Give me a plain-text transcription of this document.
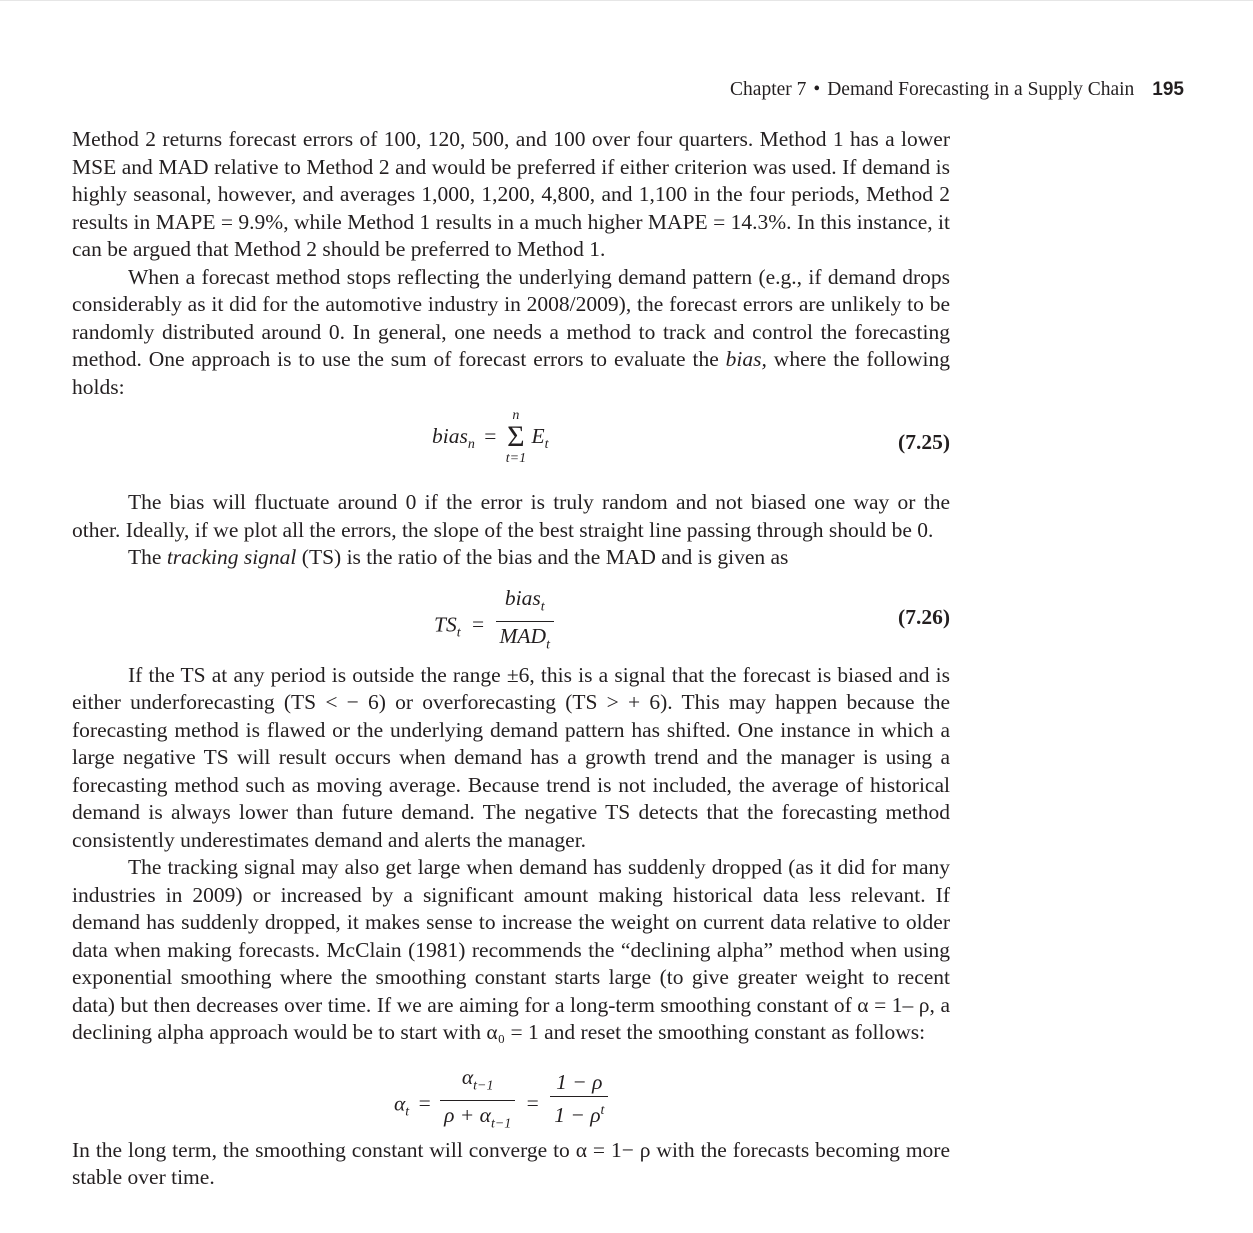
Chapter 7 • Demand Forecasting in a Supply Chain 195

Method 2 returns forecast errors of 100, 120, 500, and 100 over four quarters. Method 1 has a lower MSE and MAD relative to Method 2 and would be preferred if either criterion was used. If demand is highly seasonal, however, and averages 1,000, 1,200, 4,800, and 1,100 in the four periods, Method 2 results in MAPE = 9.9%, while Method 1 results in a much higher MAPE = 14.3%. In this instance, it can be argued that Method 2 should be preferred to Method 1.

When a forecast method stops reflecting the underlying demand pattern (e.g., if demand drops considerably as it did for the automotive industry in 2008/2009), the forecast errors are unlikely to be randomly distributed around 0. In general, one needs a method to track and control the forecasting method. One approach is to use the sum of forecast errors to evaluate the bias, where the following holds:

bias$_n$ =
n
Σ
t=1
$E_t$	(7.25)

The bias will fluctuate around 0 if the error is truly random and not biased one way or the other. Ideally, if we plot all the errors, the slope of the best straight line passing through should be 0.

The tracking signal (TS) is the ratio of the bias and the MAD and is given as

$TS_t = \frac{bias_t}{MAD_t}$	(7.26)

If the TS at any period is outside the range ±6, this is a signal that the forecast is biased and is either underforecasting (TS < − 6) or overforecasting (TS > + 6). This may happen because the forecasting method is flawed or the underlying demand pattern has shifted. One instance in which a large negative TS will result occurs when demand has a growth trend and the manager is using a forecasting method such as moving average. Because trend is not included, the average of historical demand is always lower than future demand. The negative TS detects that the forecasting method consistently underestimates demand and alerts the manager.

The tracking signal may also get large when demand has suddenly dropped (as it did for many industries in 2009) or increased by a significant amount making historical data less relevant. If demand has suddenly dropped, it makes sense to increase the weight on current data relative to older data when making forecasts. McClain (1981) recommends the “declining alpha” method when using exponential smoothing where the smoothing constant starts large (to give greater weight to recent data) but then decreases over time. If we are aiming for a long-term smoothing constant of α = 1– ρ, a declining alpha approach would be to start with α₀ = 1 and reset the smoothing constant as follows:

$\alpha_t = \frac{\alpha_{t-1}}{\rho + \alpha_{t-1}} = \frac{1 - \rho}{1 - \rho^t}$

In the long term, the smoothing constant will converge to α = 1− ρ with the forecasts becoming more stable over time.
